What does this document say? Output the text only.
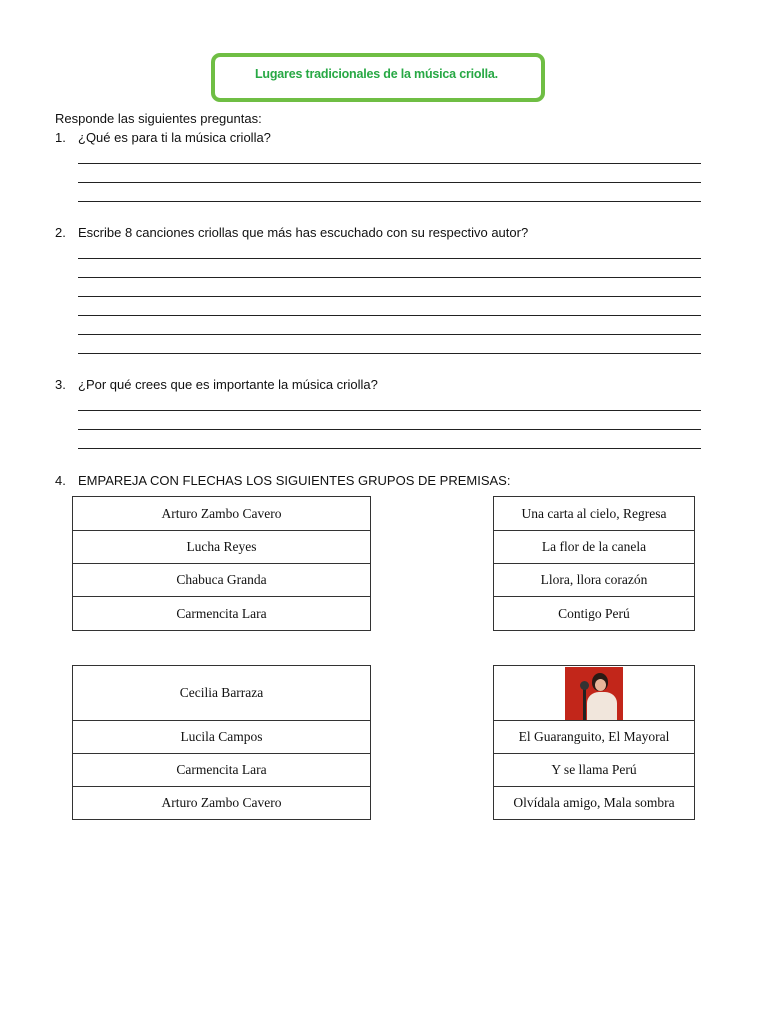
Lugares tradicionales de la música criolla.
Responde las siguientes preguntas:
1. ¿Qué es para ti la música criolla?
2. Escribe 8 canciones criollas que más has escuchado con su respectivo autor?
3. ¿Por qué crees que es importante la música criolla?
4. EMPAREJA CON FLECHAS LOS SIGUIENTES GRUPOS DE PREMISAS:
Arturo Zambo Cavero
Lucha Reyes
Chabuca Granda
Carmencita Lara
Una carta al cielo, Regresa
La flor de la canela
Llora, llora corazón
Contigo Perú
Cecilia Barraza
Lucila Campos
Carmencita Lara
Arturo Zambo Cavero

El Guaranguito, El Mayoral
Y se llama Perú
Olvídala amigo, Mala sombra
